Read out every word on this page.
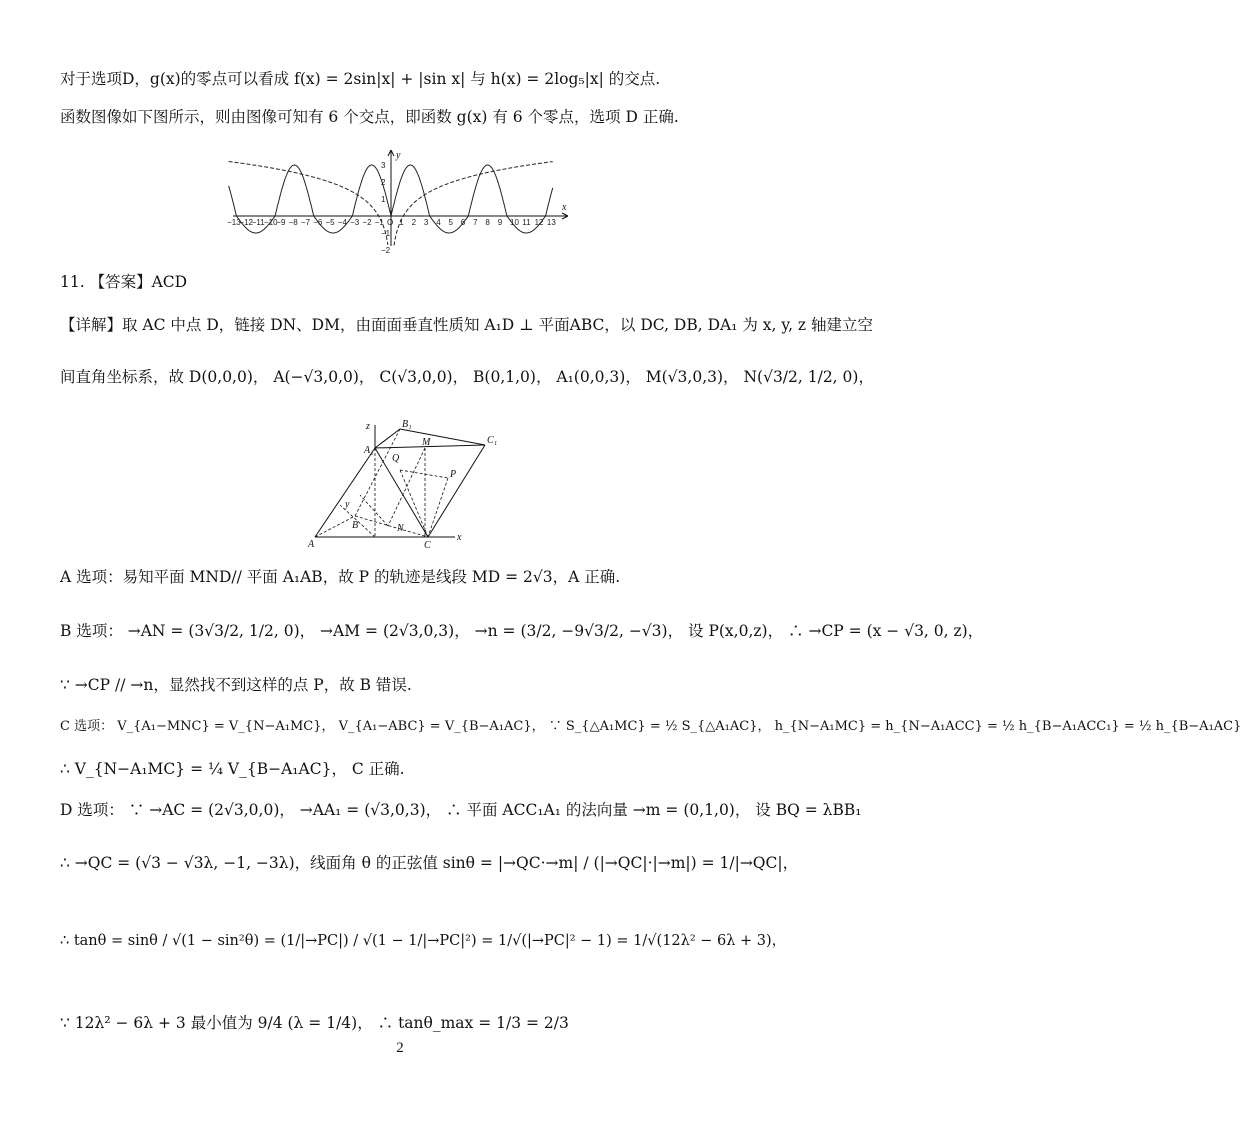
对于选项D，g(x)的零点可以看成 f(x) = 2sin|x| + |sin x| 与 h(x) = 2log₅|x| 的交点.
函数图像如下图所示，则由图像可知有 6 个交点，即函数 g(x) 有 6 个零点，选项 D 正确.
−13
−12
−11 −10
−9 −8 −7 −6 −5 −4 −3 −2 −1 O 1 2 3 4 5 6 7 8 9 10 11 12 13
3
2
1
−1
−2
x
y
11. 【答案】ACD
【详解】取 AC 中点 D，链接 DN、DM，由面面垂直性质知 A₁D ⊥ 平面ABC，以 DC, DB, DA₁ 为 x, y, z 轴建立空
间直角坐标系，故 D(0,0,0)， A(−√3,0,0)， C(√3,0,0)， B(0,1,0)， A₁(0,0,3)， M(√3,0,3)， N(√3/2, 1/2, 0)，
z
A₁
B₁
C₁
M
Q
P
y
B	N
A	C
x
A 选项：易知平面 MND// 平面 A₁AB，故 P 的轨迹是线段 MD = 2√3，A 正确.
B 选项： →AN = (3√3/2, 1/2, 0)， →AM = (2√3,0,3)， →n = (3/2, −9√3/2, −√3)， 设 P(x,0,z)， ∴ →CP = (x − √3, 0, z)，
∵ →CP // →n，显然找不到这样的点 P，故 B 错误.
C 选项： V_{A₁−MNC} = V_{N−A₁MC}， V_{A₁−ABC} = V_{B−A₁AC}， ∵ S_{△A₁MC} = ½ S_{△A₁AC}， h_{N−A₁MC} = h_{N−A₁ACC} = ½ h_{B−A₁ACC₁} = ½ h_{B−A₁AC}
∴ V_{N−A₁MC} = ¼ V_{B−A₁AC}， C 正确.
D 选项： ∵ →AC = (2√3,0,0)， →AA₁ = (√3,0,3)， ∴ 平面 ACC₁A₁ 的法向量 →m = (0,1,0)， 设 BQ = λBB₁
∴ →QC = (√3 − √3λ, −1, −3λ)，线面角 θ 的正弦值 sinθ = |→QC·→m| / (|→QC|·|→m|) = 1/|→QC|，
∴ tanθ = sinθ / √(1 − sin²θ) = (1/|→PC|) / √(1 − 1/|→PC|²) = 1/√(|→PC|² − 1) = 1/√(12λ² − 6λ + 3)，
∵ 12λ² − 6λ + 3 最小值为 9/4 (λ = 1/4)， ∴ tanθ_max = 1/3 = 2/3
2
